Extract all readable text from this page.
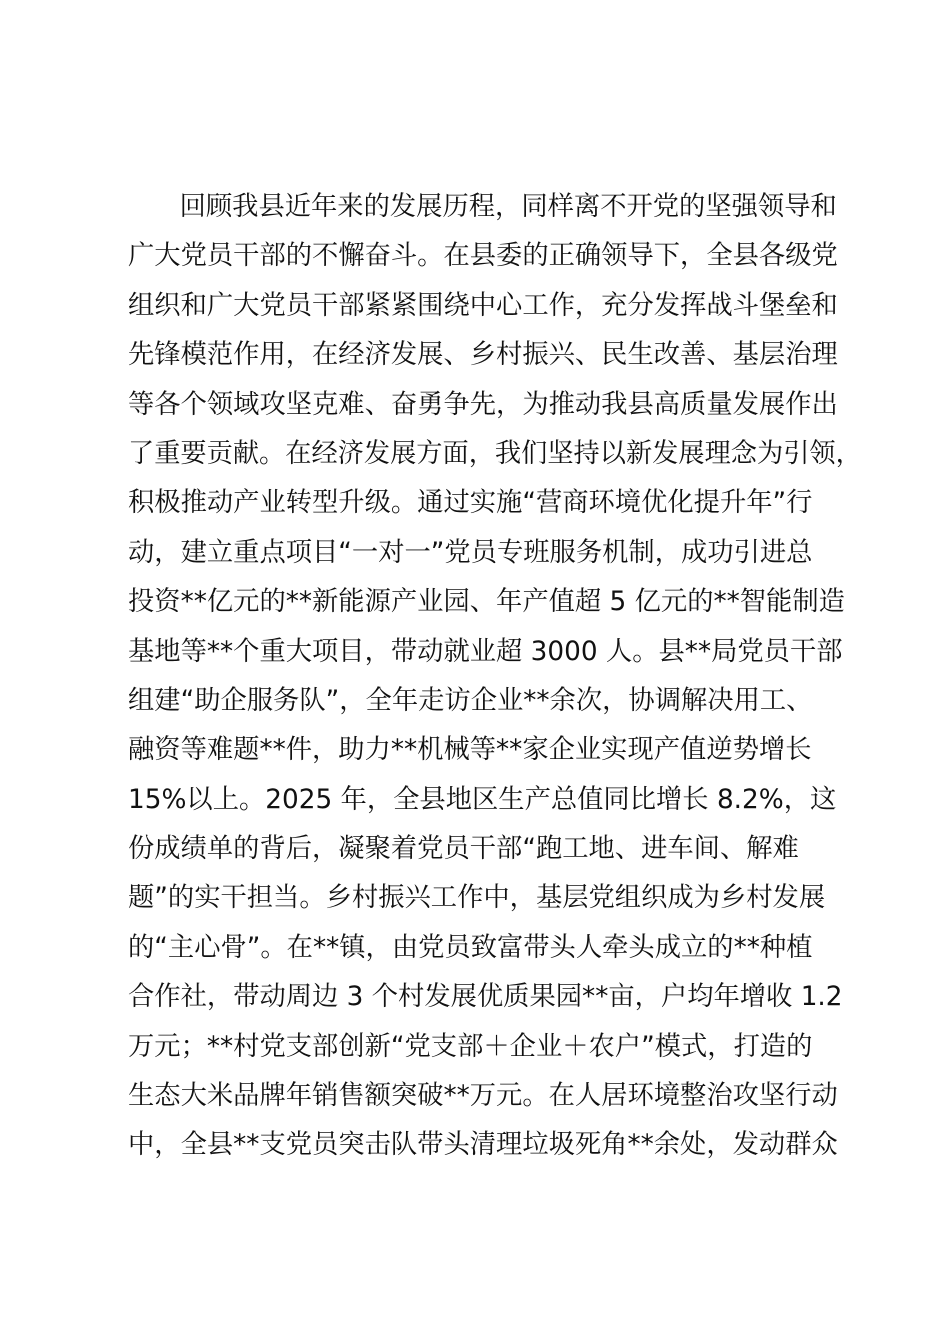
回顾我县近年来的发展历程，同样离不开党的坚强领导和
广大党员干部的不懈奋斗。在县委的正确领导下，全县各级党
组织和广大党员干部紧紧围绕中心工作，充分发挥战斗堡垒和
先锋模范作用，在经济发展、乡村振兴、民生改善、基层治理
等各个领域攻坚克难、奋勇争先，为推动我县高质量发展作出
了重要贡献。在经济发展方面，我们坚持以新发展理念为引领，
积极推动产业转型升级。通过实施“营商环境优化提升年”行
动，建立重点项目“一对一”党员专班服务机制，成功引进总
投资**亿元的**新能源产业园、年产值超 5 亿元的**智能制造
基地等**个重大项目，带动就业超 3000 人。县**局党员干部
组建“助企服务队”，全年走访企业**余次，协调解决用工、
融资等难题**件，助力**机械等**家企业实现产值逆势增长
15%以上。2025 年，全县地区生产总值同比增长 8.2%，这
份成绩单的背后，凝聚着党员干部“跑工地、进车间、解难
题”的实干担当。乡村振兴工作中，基层党组织成为乡村发展
的“主心骨”。在**镇，由党员致富带头人牵头成立的**种植
合作社，带动周边 3 个村发展优质果园**亩，户均年增收 1.2
万元；**村党支部创新“党支部＋企业＋农户”模式，打造的
生态大米品牌年销售额突破**万元。在人居环境整治攻坚行动
中，全县**支党员突击队带头清理垃圾死角**余处，发动群众
